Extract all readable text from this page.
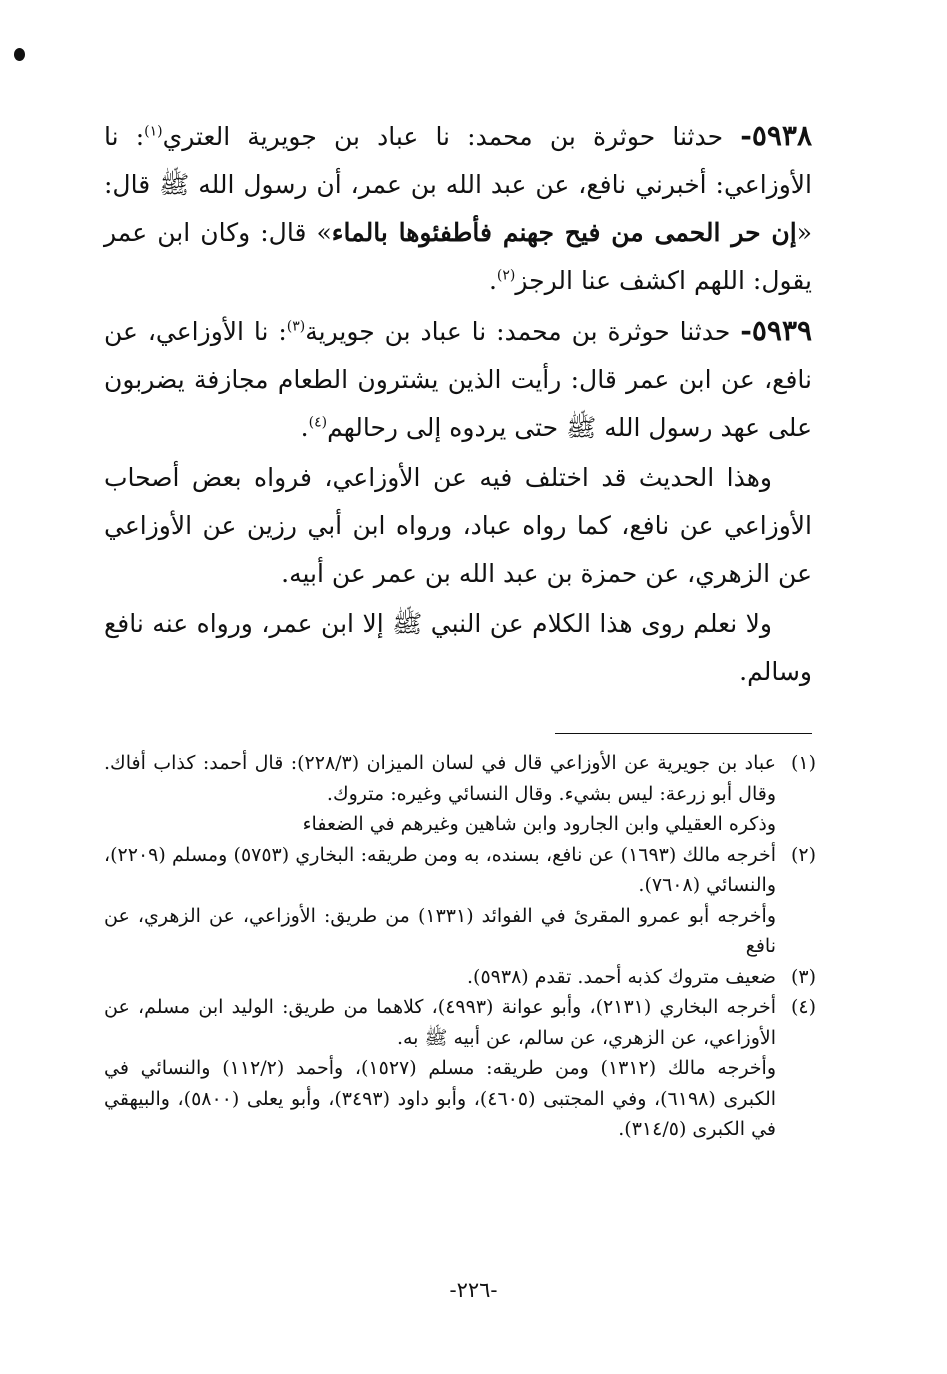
٥٩٣٨- حدثنا حوثرة بن محمد: نا عباد بن جويرية العتري$^{(١)}$: نا الأوزاعي: أخبرني نافع، عن عبد الله بن عمر، أن رسول الله ﷺ قال: «إن حر الحمى من فيح جهنم فأطفئوها بالماء» قال: وكان ابن عمر يقول: اللهم اكشف عنا الرجز$^{(٢)}$.

٥٩٣٩- حدثنا حوثرة بن محمد: نا عباد بن جويرية$^{(٣)}$: نا الأوزاعي، عن نافع، عن ابن عمر قال: رأيت الذين يشترون الطعام مجازفة يضربون على عهد رسول الله ﷺ حتى يردوه إلى رحالهم$^{(٤)}$.

وهذا الحديث قد اختلف فيه عن الأوزاعي، فرواه بعض أصحاب الأوزاعي عن نافع، كما رواه عباد، ورواه ابن أبي رزين عن الأوزاعي عن الزهري، عن حمزة بن عبد الله بن عمر عن أبيه.

ولا نعلم روى هذا الكلام عن النبي ﷺ إلا ابن عمر، ورواه عنه نافع وسالم.

(١)

عباد بن جويرية عن الأوزاعي قال في لسان الميزان (٢٢٨/٣): قال أحمد: كذاب أفاك. وقال أبو زرعة: ليس بشيء. وقال النسائي وغيره: متروك.

وذكره العقيلي وابن الجارود وابن شاهين وغيرهم في الضعفاء

(٢)

أخرجه مالك (١٦٩٣) عن نافع، بسنده، به ومن طريقه: البخاري (٥٧٥٣) ومسلم (٢٢٠٩)، والنسائي (٧٦٠٨).

وأخرجه أبو عمرو المقرئ في الفوائد (١٣٣١) من طريق: الأوزاعي، عن الزهري، عن نافع

(٣)

ضعيف متروك كذبه أحمد. تقدم (٥٩٣٨).

(٤)

أخرجه البخاري (٢١٣١)، وأبو عوانة (٤٩٩٣)، كلاهما من طريق: الوليد ابن مسلم، عن الأوزاعي، عن الزهري، عن سالم، عن أبيه ﷺ به.

وأخرجه مالك (١٣١٢) ومن طريقه: مسلم (١٥٢٧)، وأحمد (١١٢/٢) والنسائي في الكبرى (٦١٩٨)، وفي المجتبى (٤٦٠٥)، وأبو داود (٣٤٩٣)، وأبو يعلى (٥٨٠٠)، والبيهقي في الكبرى (٣١٤/٥).

-٢٢٦-
